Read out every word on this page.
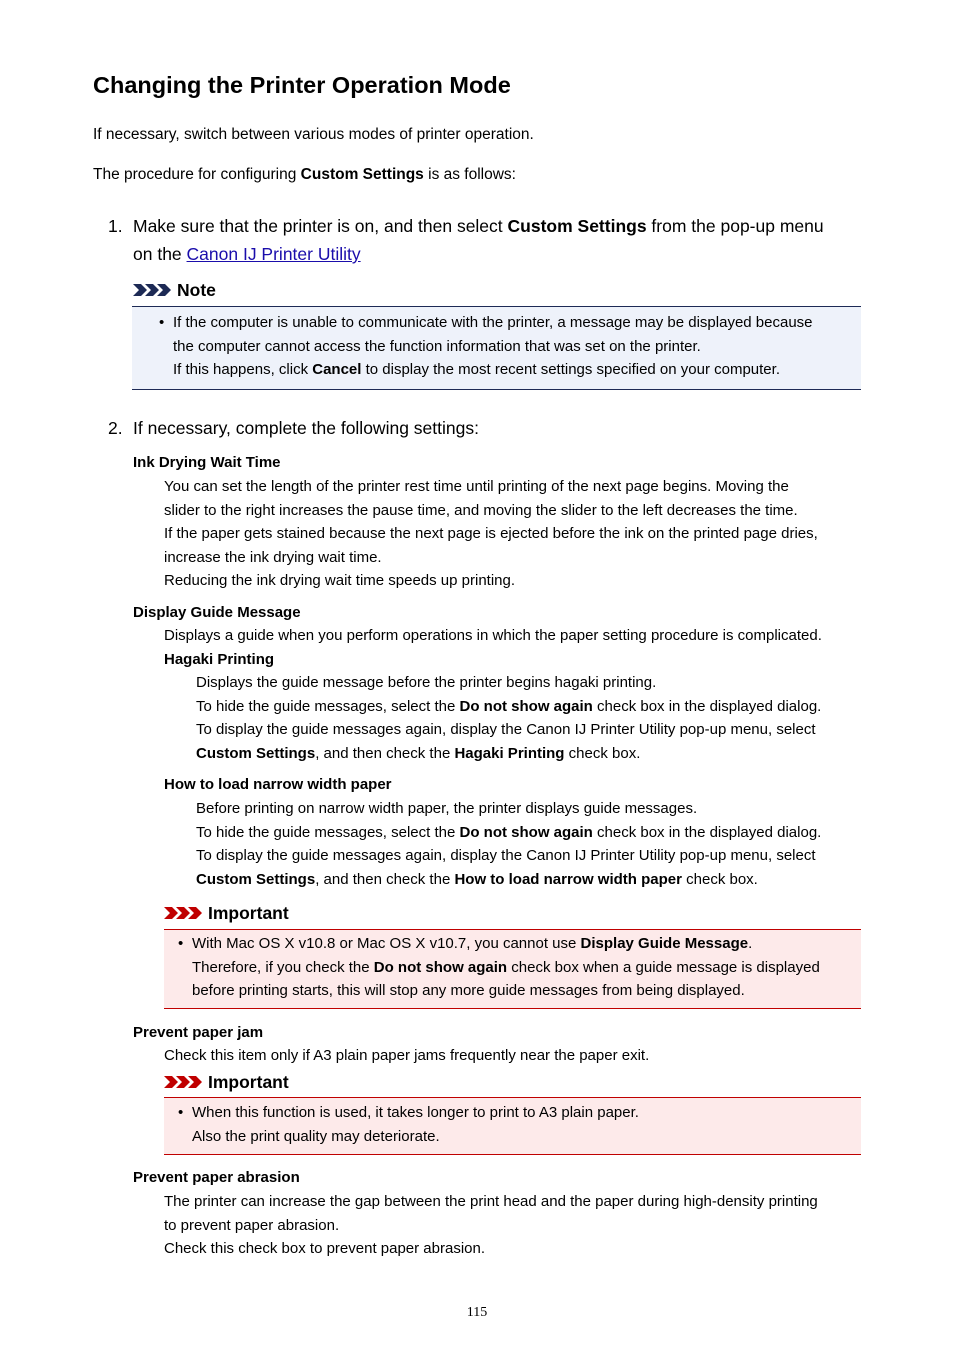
Changing the Printer Operation Mode

If necessary, switch between various modes of printer operation.

The procedure for configuring Custom Settings is as follows:

1. Make sure that the printer is on, and then select Custom Settings from the pop-up menu
on the Canon IJ Printer Utility
Note
• If the computer is unable to communicate with the printer, a message may be displayed because
the computer cannot access the function information that was set on the printer.
If this happens, click Cancel to display the most recent settings specified on your computer.
2. If necessary, complete the following settings:
Ink Drying Wait Time
You can set the length of the printer rest time until printing of the next page begins. Moving the
slider to the right increases the pause time, and moving the slider to the left decreases the time.
If the paper gets stained because the next page is ejected before the ink on the printed page dries,
increase the ink drying wait time.
Reducing the ink drying wait time speeds up printing.
Display Guide Message
Displays a guide when you perform operations in which the paper setting procedure is complicated.
Hagaki Printing
Displays the guide message before the printer begins hagaki printing.
To hide the guide messages, select the Do not show again check box in the displayed dialog.
To display the guide messages again, display the Canon IJ Printer Utility pop-up menu, select
Custom Settings, and then check the Hagaki Printing check box.
How to load narrow width paper
Before printing on narrow width paper, the printer displays guide messages.
To hide the guide messages, select the Do not show again check box in the displayed dialog.
To display the guide messages again, display the Canon IJ Printer Utility pop-up menu, select
Custom Settings, and then check the How to load narrow width paper check box.
Important
• With Mac OS X v10.8 or Mac OS X v10.7, you cannot use Display Guide Message.
Therefore, if you check the Do not show again check box when a guide message is displayed
before printing starts, this will stop any more guide messages from being displayed.
Prevent paper jam
Check this item only if A3 plain paper jams frequently near the paper exit.
Important
• When this function is used, it takes longer to print to A3 plain paper.
Also the print quality may deteriorate.
Prevent paper abrasion
The printer can increase the gap between the print head and the paper during high-density printing
to prevent paper abrasion.
Check this check box to prevent paper abrasion.
115
